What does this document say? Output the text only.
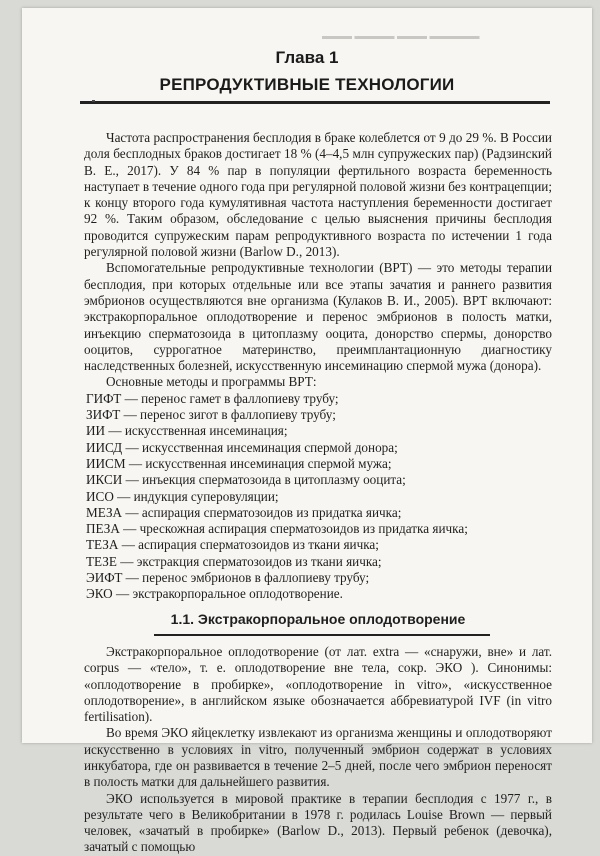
▬▬▬ ▬▬▬▬ ▬▬▬ ▬▬▬▬▬
Глава 1
РЕПРОДУКТИВНЫЕ ТЕХНОЛОГИИ

Частота распространения бесплодия в браке колеблется от 9 до 29 %. В России доля бесплодных браков достигает 18 % (4–4,5 млн супружеских пар) (Радзинский В. Е., 2017). У 84 % пар в популяции фертильного возраста беременность наступает в течение одного года при регулярной половой жизни без контрацепции; к концу второго года кумулятивная частота наступления беременности достигает 92 %. Таким образом, обследование с целью выяснения причины бесплодия проводится супружеским парам репродуктивного возраста по истечении 1 года регулярной половой жизни (Barlow D., 2013).

Вспомогательные репродуктивные технологии (ВРТ) — это методы терапии бесплодия, при которых отдельные или все этапы зачатия и раннего развития эмбрионов осуществляются вне организма (Кулаков В. И., 2005). ВРТ включают: экстракорпоральное оплодотворение и перенос эмбрионов в полость матки, инъекцию сперматозоида в цитоплазму ооцита, донорство спермы, донорство ооцитов, суррогатное материнство, преимплантационную диагностику наследственных болезней, искусственную инсеминацию спермой мужа (донора).

Основные методы и программы ВРТ:

ГИФТ — перенос гамет в фаллопиеву трубу;
ЗИФТ — перенос зигот в фаллопиеву трубу;
ИИ — искусственная инсеминация;
ИИСД — искусственная инсеминация спермой донора;
ИИСМ — искусственная инсеминация спермой мужа;
ИКСИ — инъекция сперматозоида в цитоплазму ооцита;
ИСО — индукция суперовуляции;
МЕЗА — аспирация сперматозоидов из придатка яичка;
ПЕЗА — чрескожная аспирация сперматозоидов из придатка яичка;
ТЕЗА — аспирация сперматозоидов из ткани яичка;
ТЕЗЕ — экстракция сперматозоидов из ткани яичка;
ЭИФТ — перенос эмбрионов в фаллопиеву трубу;
ЭКО — экстракорпоральное оплодотворение.
1.1. Экстракорпоральное оплодотворение

Экстракорпоральное оплодотворение (от лат. extra — «снаружи, вне» и лат. corpus — «тело», т. е. оплодотворение вне тела, сокр. ЭКО ). Синонимы: «оплодотворение в пробирке», «оплодотворение in vitro», «искусственное оплодотворение», в английском языке обозначается аббревиатурой IVF (in vitro fertilisation).

Во время ЭКО яйцеклетку извлекают из организма женщины и оплодотворяют искусственно в условиях in vitro, полученный эмбрион содержат в условиях инкубатора, где он развивается в течение 2–5 дней, после чего эмбрион переносят в полость матки для дальнейшего развития.

ЭКО используется в мировой практике в терапии бесплодия с 1977 г., в результате чего в Великобритании в 1978 г. родилась Louise Brown — первый человек, «зачатый в пробирке» (Barlow D., 2013). Первый ребенок (девочка), зачатый с помощью
